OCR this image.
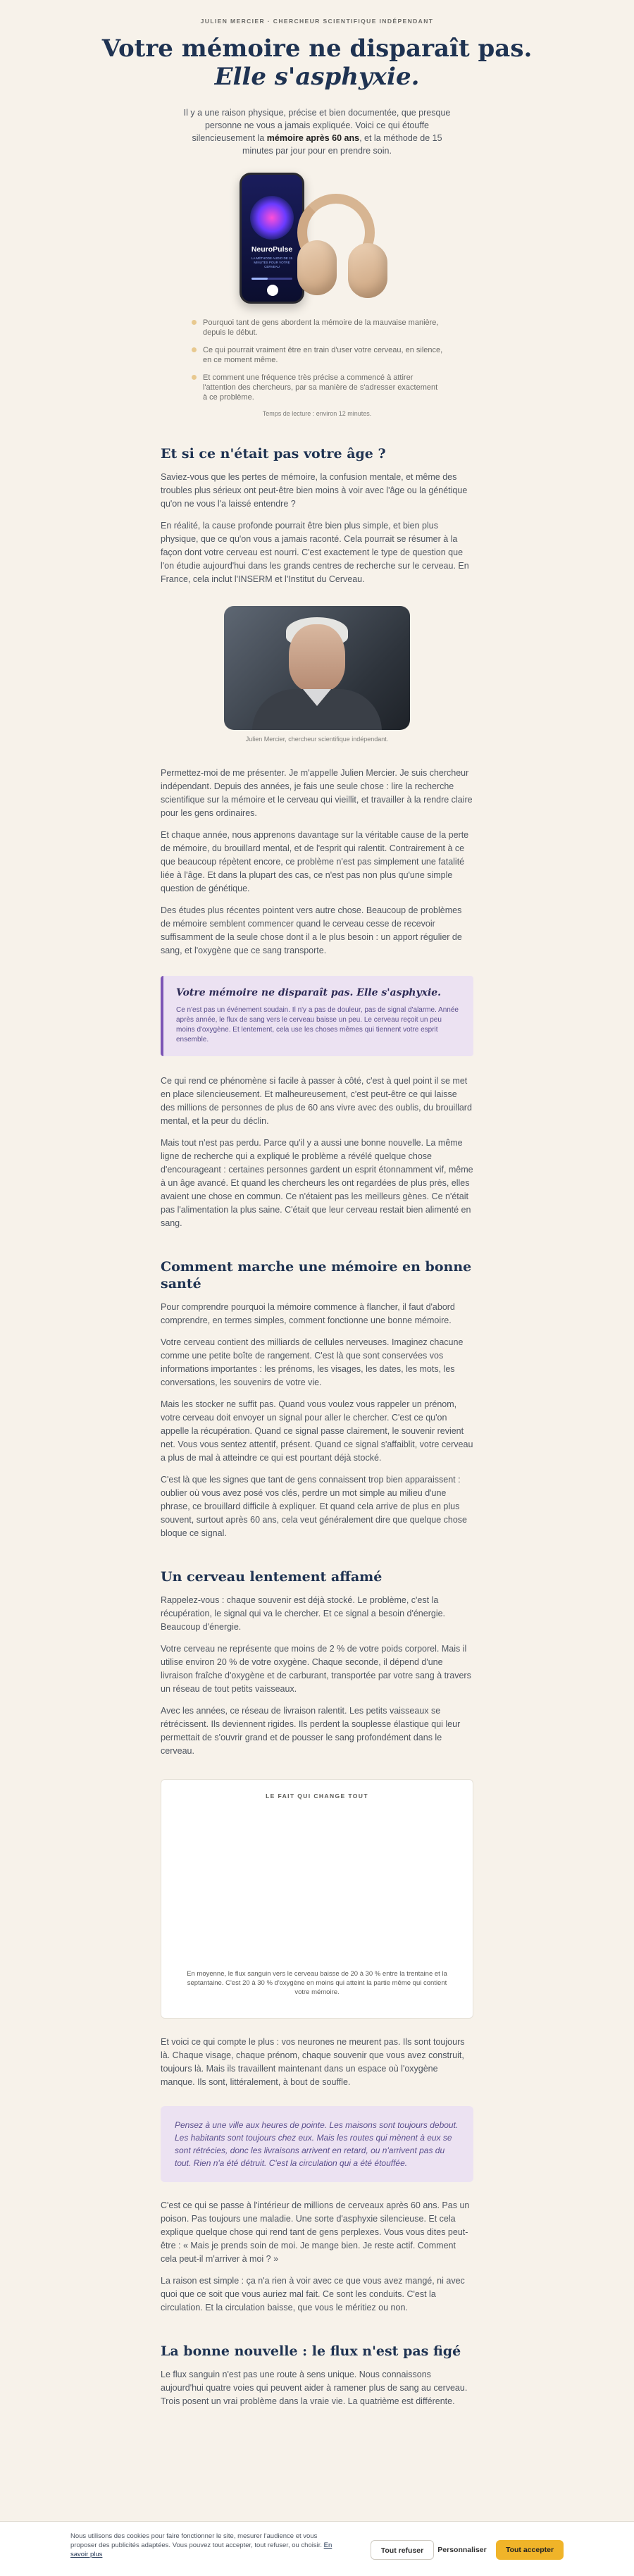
JULIEN MERCIER · CHERCHEUR SCIENTIFIQUE INDÉPENDANT
Votre mémoire ne disparaît pas.
Elle s'asphyxie.

Il y a une raison physique, précise et bien documentée, que presque personne ne vous a jamais expliquée. Voici ce qui étouffe silencieusement la mémoire après 60 ans, et la méthode de 15 minutes par jour pour en prendre soin.

NeuroPulse
LA MÉTHODE AUDIO DE 15 MINUTES POUR VOTRE CERVEAU
Pourquoi tant de gens abordent la mémoire de la mauvaise manière, depuis le début.
Ce qui pourrait vraiment être en train d'user votre cerveau, en silence, en ce moment même.
Et comment une fréquence très précise a commencé à attirer l'attention des chercheurs, par sa manière de s'adresser exactement à ce problème.
Temps de lecture : environ 12 minutes.
Et si ce n'était pas votre âge ?

Saviez-vous que les pertes de mémoire, la confusion mentale, et même des troubles plus sérieux ont peut-être bien moins à voir avec l'âge ou la génétique qu'on ne vous l'a laissé entendre ?

En réalité, la cause profonde pourrait être bien plus simple, et bien plus physique, que ce qu'on vous a jamais raconté. Cela pourrait se résumer à la façon dont votre cerveau est nourri. C'est exactement le type de question que l'on étudie aujourd'hui dans les grands centres de recherche sur le cerveau. En France, cela inclut l'INSERM et l'Institut du Cerveau.

Julien Mercier, chercheur scientifique indépendant.

Permettez-moi de me présenter. Je m'appelle Julien Mercier. Je suis chercheur indépendant. Depuis des années, je fais une seule chose : lire la recherche scientifique sur la mémoire et le cerveau qui vieillit, et travailler à la rendre claire pour les gens ordinaires.

Et chaque année, nous apprenons davantage sur la véritable cause de la perte de mémoire, du brouillard mental, et de l'esprit qui ralentit. Contrairement à ce que beaucoup répètent encore, ce problème n'est pas simplement une fatalité liée à l'âge. Et dans la plupart des cas, ce n'est pas non plus qu'une simple question de génétique.

Des études plus récentes pointent vers autre chose. Beaucoup de problèmes de mémoire semblent commencer quand le cerveau cesse de recevoir suffisamment de la seule chose dont il a le plus besoin : un apport régulier de sang, et l'oxygène que ce sang transporte.

Votre mémoire ne disparaît pas. Elle s'asphyxie.
Ce n'est pas un événement soudain. Il n'y a pas de douleur, pas de signal d'alarme. Année après année, le flux de sang vers le cerveau baisse un peu. Le cerveau reçoit un peu moins d'oxygène. Et lentement, cela use les choses mêmes qui tiennent votre esprit ensemble.

Ce qui rend ce phénomène si facile à passer à côté, c'est à quel point il se met en place silencieusement. Et malheureusement, c'est peut-être ce qui laisse des millions de personnes de plus de 60 ans vivre avec des oublis, du brouillard mental, et la peur du déclin.

Mais tout n'est pas perdu. Parce qu'il y a aussi une bonne nouvelle. La même ligne de recherche qui a expliqué le problème a révélé quelque chose d'encourageant : certaines personnes gardent un esprit étonnamment vif, même à un âge avancé. Et quand les chercheurs les ont regardées de plus près, elles avaient une chose en commun. Ce n'étaient pas les meilleurs gènes. Ce n'était pas l'alimentation la plus saine. C'était que leur cerveau restait bien alimenté en sang.

Comment marche une mémoire en bonne santé

Pour comprendre pourquoi la mémoire commence à flancher, il faut d'abord comprendre, en termes simples, comment fonctionne une bonne mémoire.

Votre cerveau contient des milliards de cellules nerveuses. Imaginez chacune comme une petite boîte de rangement. C'est là que sont conservées vos informations importantes : les prénoms, les visages, les dates, les mots, les conversations, les souvenirs de votre vie.

Mais les stocker ne suffit pas. Quand vous voulez vous rappeler un prénom, votre cerveau doit envoyer un signal pour aller le chercher. C'est ce qu'on appelle la récupération. Quand ce signal passe clairement, le souvenir revient net. Vous vous sentez attentif, présent. Quand ce signal s'affaiblit, votre cerveau a plus de mal à atteindre ce qui est pourtant déjà stocké.

C'est là que les signes que tant de gens connaissent trop bien apparaissent : oublier où vous avez posé vos clés, perdre un mot simple au milieu d'une phrase, ce brouillard difficile à expliquer. Et quand cela arrive de plus en plus souvent, surtout après 60 ans, cela veut généralement dire que quelque chose bloque ce signal.

Un cerveau lentement affamé

Rappelez-vous : chaque souvenir est déjà stocké. Le problème, c'est la récupération, le signal qui va le chercher. Et ce signal a besoin d'énergie. Beaucoup d'énergie.

Votre cerveau ne représente que moins de 2 % de votre poids corporel. Mais il utilise environ 20 % de votre oxygène. Chaque seconde, il dépend d'une livraison fraîche d'oxygène et de carburant, transportée par votre sang à travers un réseau de tout petits vaisseaux.

Avec les années, ce réseau de livraison ralentit. Les petits vaisseaux se rétrécissent. Ils deviennent rigides. Ils perdent la souplesse élastique qui leur permettait de s'ouvrir grand et de pousser le sang profondément dans le cerveau.

LE FAIT QUI CHANGE TOUT
En moyenne, le flux sanguin vers le cerveau baisse de 20 à 30 % entre la trentaine et la septantaine. C'est 20 à 30 % d'oxygène en moins qui atteint la partie même qui contient votre mémoire.

Et voici ce qui compte le plus : vos neurones ne meurent pas. Ils sont toujours là. Chaque visage, chaque prénom, chaque souvenir que vous avez construit, toujours là. Mais ils travaillent maintenant dans un espace où l'oxygène manque. Ils sont, littéralement, à bout de souffle.

Pensez à une ville aux heures de pointe. Les maisons sont toujours debout. Les habitants sont toujours chez eux. Mais les routes qui mènent à eux se sont rétrécies, donc les livraisons arrivent en retard, ou n'arrivent pas du tout. Rien n'a été détruit. C'est la circulation qui a été étouffée.

C'est ce qui se passe à l'intérieur de millions de cerveaux après 60 ans. Pas un poison. Pas toujours une maladie. Une sorte d'asphyxie silencieuse. Et cela explique quelque chose qui rend tant de gens perplexes. Vous vous dites peut-être : « Mais je prends soin de moi. Je mange bien. Je reste actif. Comment cela peut-il m'arriver à moi ? »

La raison est simple : ça n'a rien à voir avec ce que vous avez mangé, ni avec quoi que ce soit que vous auriez mal fait. Ce sont les conduits. C'est la circulation. Et la circulation baisse, que vous le méritiez ou non.

La bonne nouvelle : le flux n'est pas figé

Le flux sanguin n'est pas une route à sens unique. Nous connaissons aujourd'hui quatre voies qui peuvent aider à ramener plus de sang au cerveau. Trois posent un vrai problème dans la vraie vie. La quatrième est différente.

Nous utilisons des cookies pour faire fonctionner le site, mesurer l'audience et vous proposer des publicités adaptées. Vous pouvez tout accepter, tout refuser, ou choisir. En savoir plus	Tout refuser	Personnaliser	Tout accepter
